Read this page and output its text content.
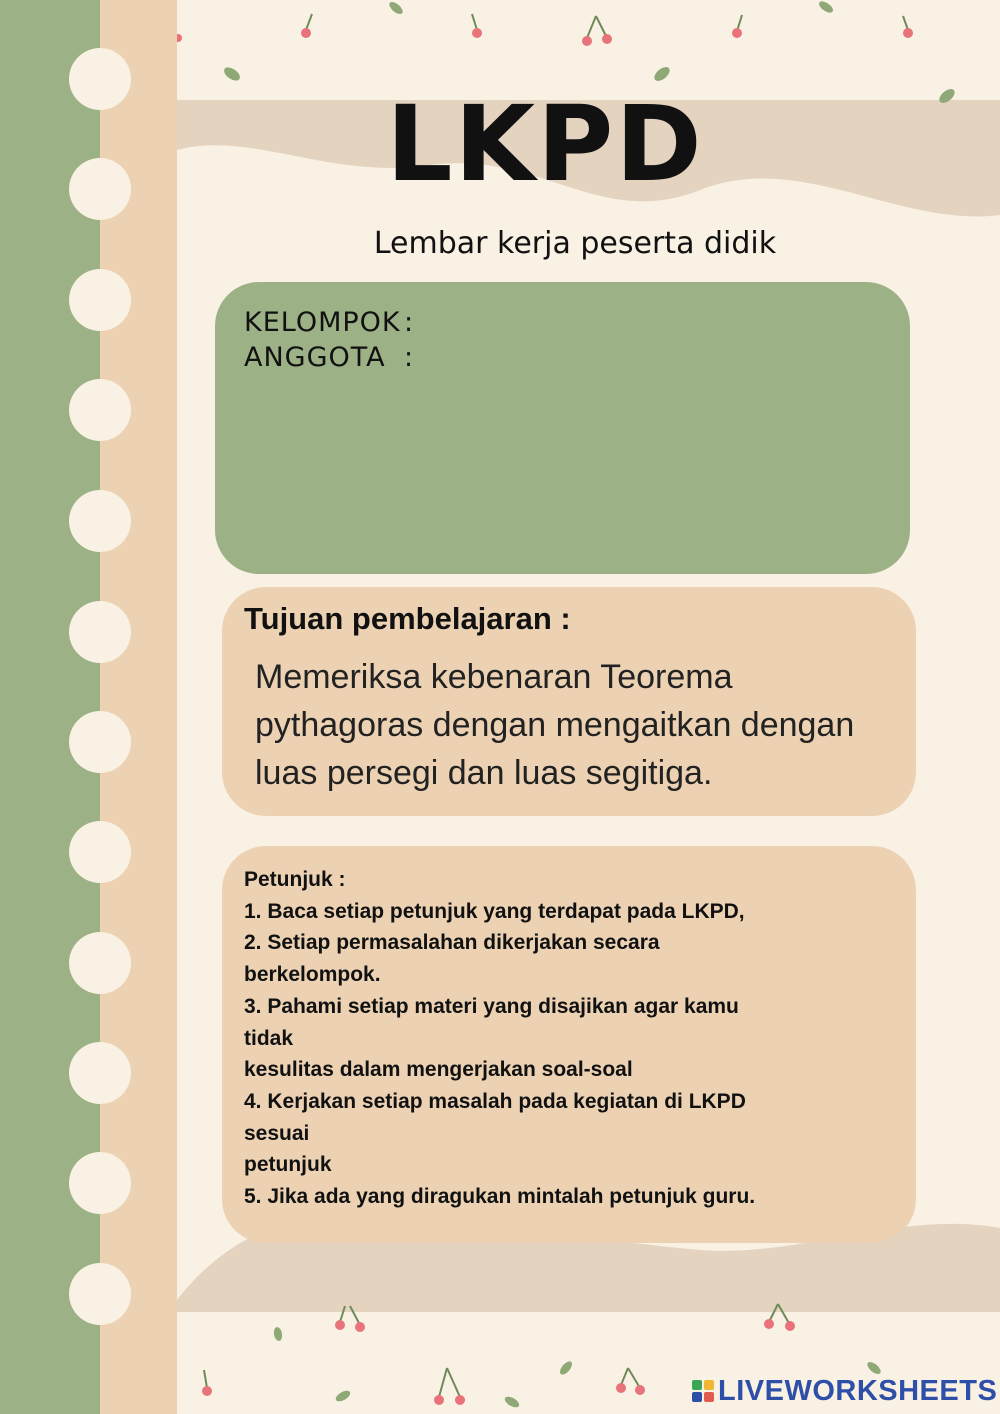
LKPD
Lembar kerja peserta didik
KELOMPOK :
ANGGOTA :
Tujuan pembelajaran :
Memeriksa kebenaran Teorema pythagoras dengan mengaitkan dengan luas persegi dan luas segitiga.
Petunjuk :
1. Baca setiap petunjuk yang terdapat pada LKPD,
2. Setiap permasalahan dikerjakan secara
berkelompok.
3. Pahami setiap materi yang disajikan agar kamu
tidak
kesulitas dalam mengerjakan soal-soal
4. Kerjakan setiap masalah pada kegiatan di LKPD
sesuai
petunjuk
5. Jika ada yang diragukan mintalah petunjuk guru.
LIVEWORKSHEETS
